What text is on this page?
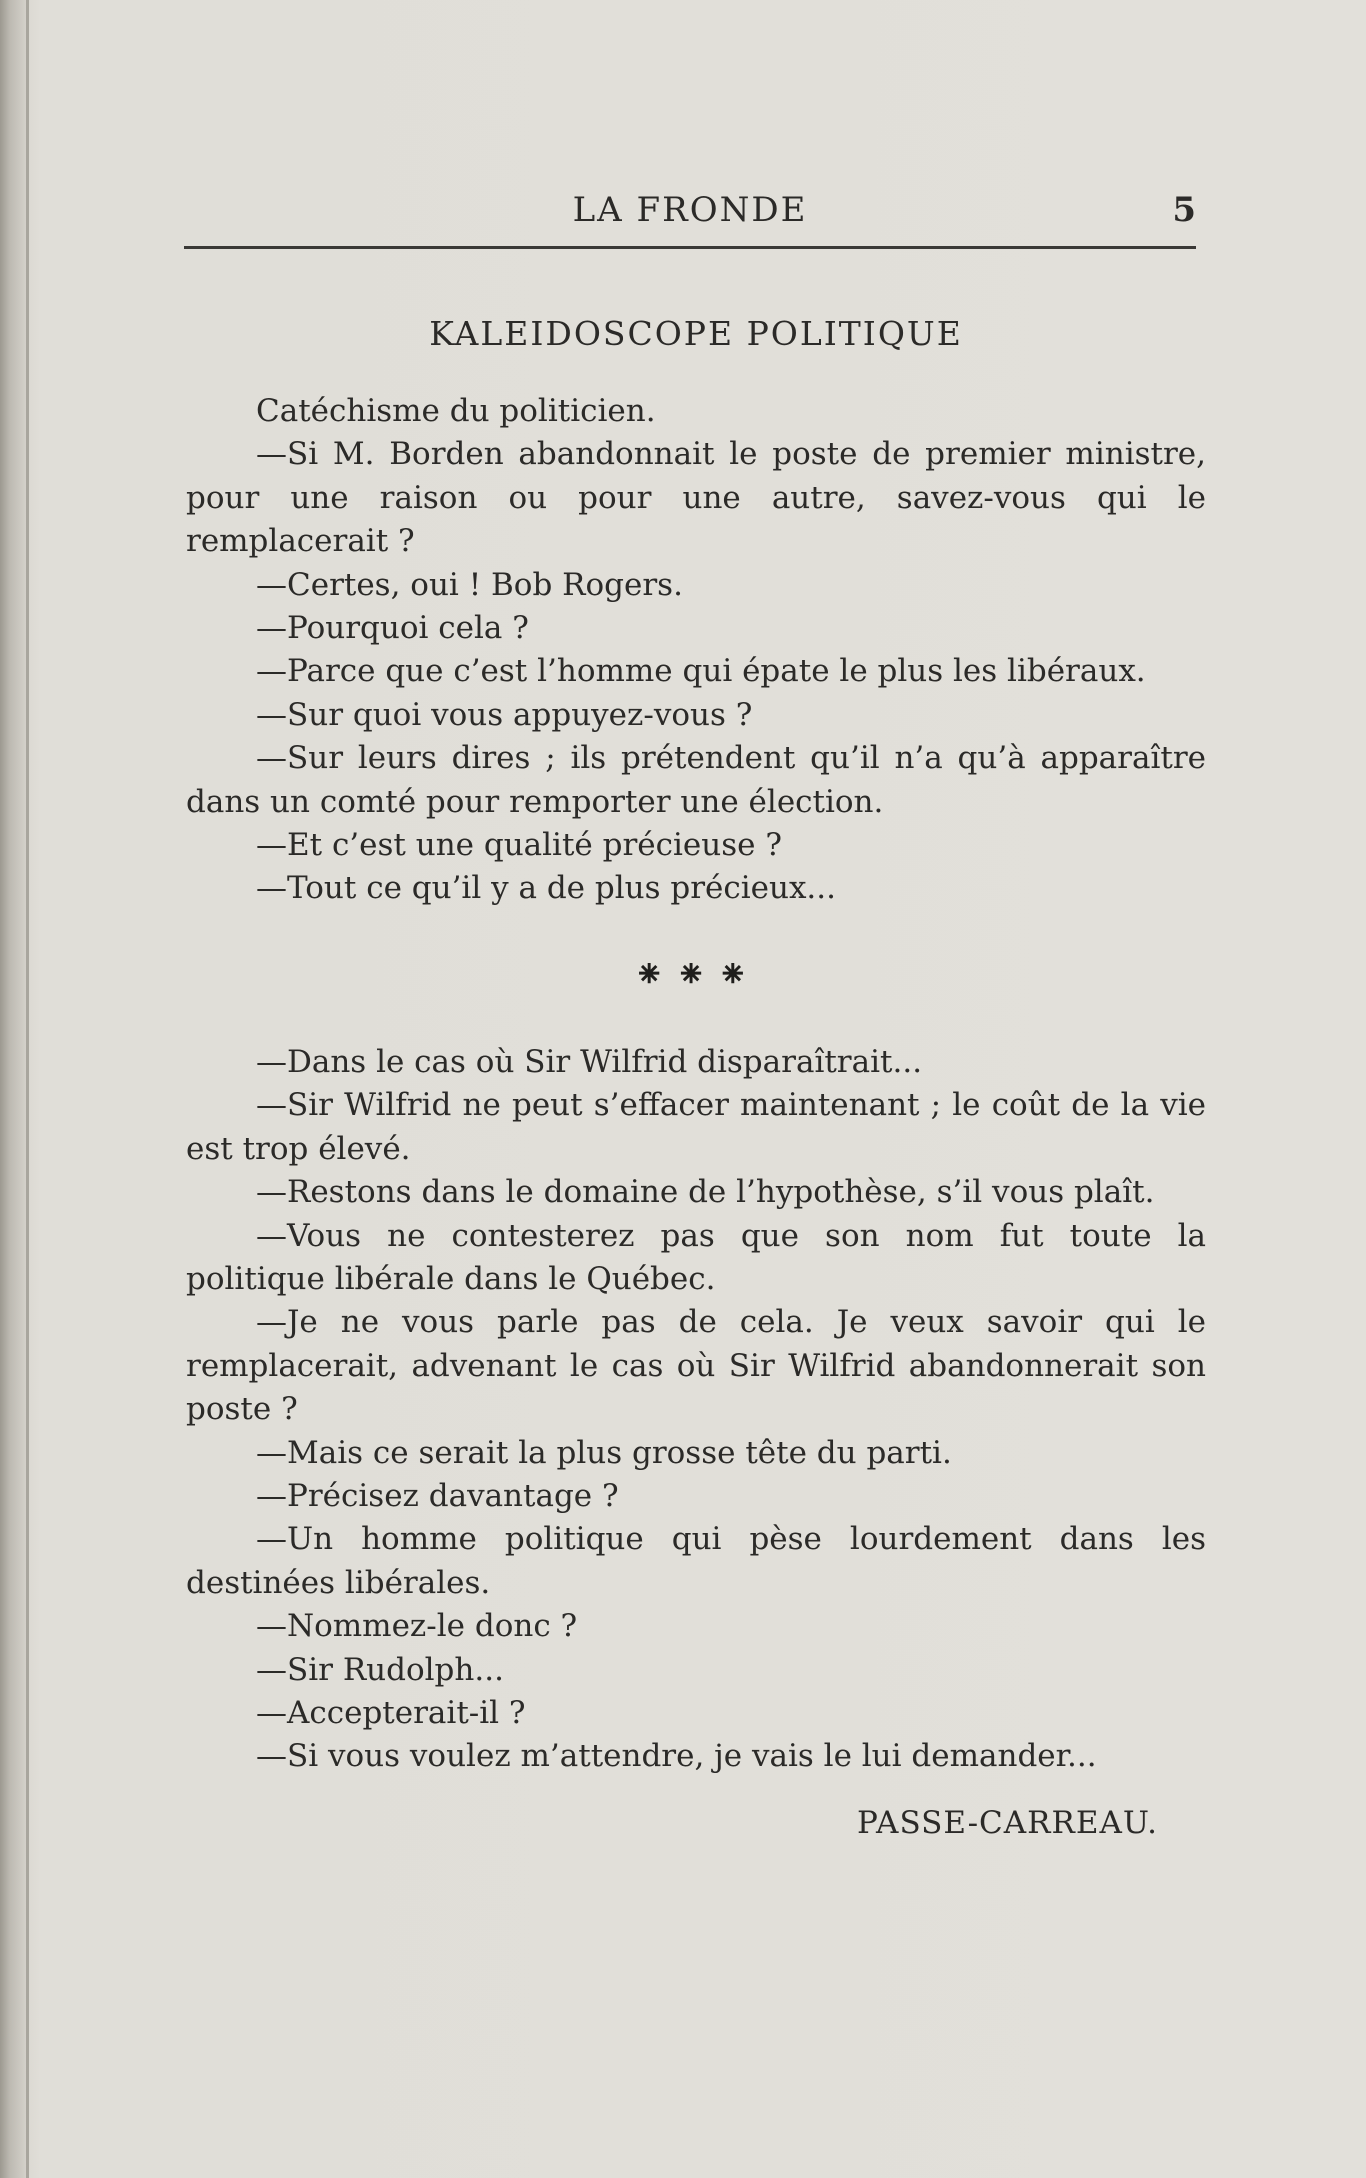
LA FRONDE	5
KALEIDOSCOPE POLITIQUE

Catéchisme du politicien.

—Si M. Borden abandonnait le poste de premier ministre, pour une raison ou pour une autre, savez-vous qui le remplacerait ?

—Certes, oui ! Bob Rogers.

—Pourquoi cela ?

—Parce que c’est l’homme qui épate le plus les libéraux.

—Sur quoi vous appuyez-vous ?

—Sur leurs dires ; ils prétendent qu’il n’a qu’à apparaître dans un comté pour remporter une élection.

—Et c’est une qualité précieuse ?

—Tout ce qu’il y a de plus précieux...

⁕⁕⁕

—Dans le cas où Sir Wilfrid disparaîtrait...

—Sir Wilfrid ne peut s’effacer maintenant ; le coût de la vie est trop élevé.

—Restons dans le domaine de l’hypothèse, s’il vous plaît.

—Vous ne contesterez pas que son nom fut toute la politique libérale dans le Québec.

—Je ne vous parle pas de cela. Je veux savoir qui le remplacerait, advenant le cas où Sir Wilfrid abandonnerait son poste ?

—Mais ce serait la plus grosse tête du parti.

—Précisez davantage ?

—Un homme politique qui pèse lourdement dans les destinées libérales.

—Nommez-le donc ?

—Sir Rudolph...

—Accepterait-il ?

—Si vous voulez m’attendre, je vais le lui demander...

PASSE-CARREAU.
